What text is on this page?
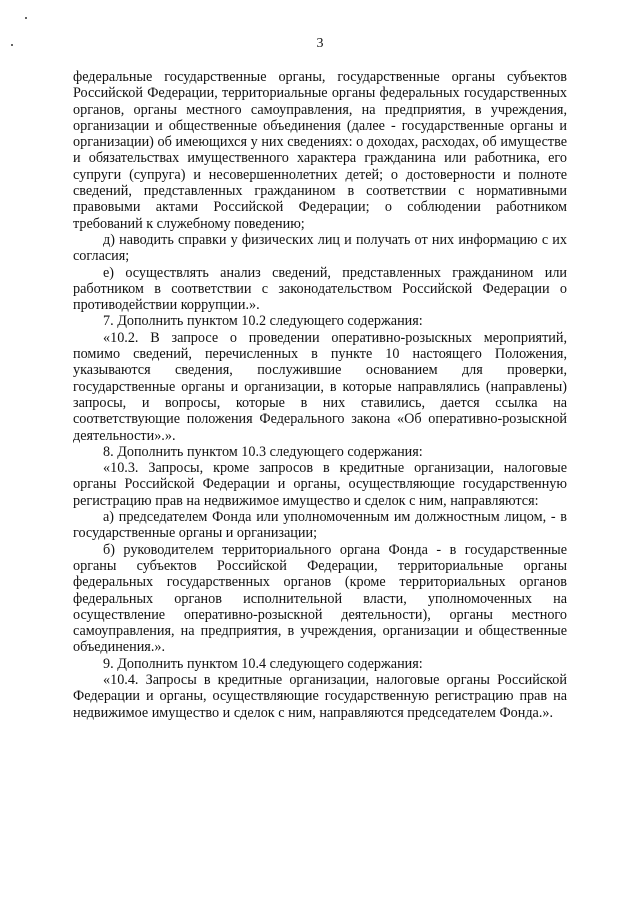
3

федеральные государственные органы, государственные органы субъектов Российской Федерации, территориальные органы федеральных государственных органов, органы местного самоуправления, на предприятия, в учреждения, организации и общественные объединения (далее - государственные органы и организации) об имеющихся у них сведениях: о доходах, расходах, об имуществе и обязательствах имущественного характера гражданина или работника, его супруги (супруга) и несовершеннолетних детей; о достоверности и полноте сведений, представленных гражданином в соответствии с нормативными правовыми актами Российской Федерации; о соблюдении работником требований к служебному поведению;

д) наводить справки у физических лиц и получать от них информацию с их согласия;

е) осуществлять анализ сведений, представленных гражданином или работником в соответствии с законодательством Российской Федерации о противодействии коррупции.».

7. Дополнить пунктом 10.2 следующего содержания:

«10.2. В запросе о проведении оперативно-розыскных мероприятий, помимо сведений, перечисленных в пункте 10 настоящего Положения, указываются сведения, послужившие основанием для проверки, государственные органы и организации, в которые направлялись (направлены) запросы, и вопросы, которые в них ставились, дается ссылка на соответствующие положения Федерального закона «Об оперативно-розыскной деятельности».».

8. Дополнить пунктом 10.3 следующего содержания:

«10.3. Запросы, кроме запросов в кредитные организации, налоговые органы Российской Федерации и органы, осуществляющие государственную регистрацию прав на недвижимое имущество и сделок с ним, направляются:

а) председателем Фонда или уполномоченным им должностным лицом, - в государственные органы и организации;

б) руководителем территориального органа Фонда - в государственные органы субъектов Российской Федерации, территориальные органы федеральных государственных органов (кроме территориальных органов федеральных органов исполнительной власти, уполномоченных на осуществление оперативно-розыскной деятельности), органы местного самоуправления, на предприятия, в учреждения, организации и общественные объединения.».

9. Дополнить пунктом 10.4 следующего содержания:

«10.4. Запросы в кредитные организации, налоговые органы Российской Федерации и органы, осуществляющие государственную регистрацию прав на недвижимое имущество и сделок с ним, направляются председателем Фонда.».
